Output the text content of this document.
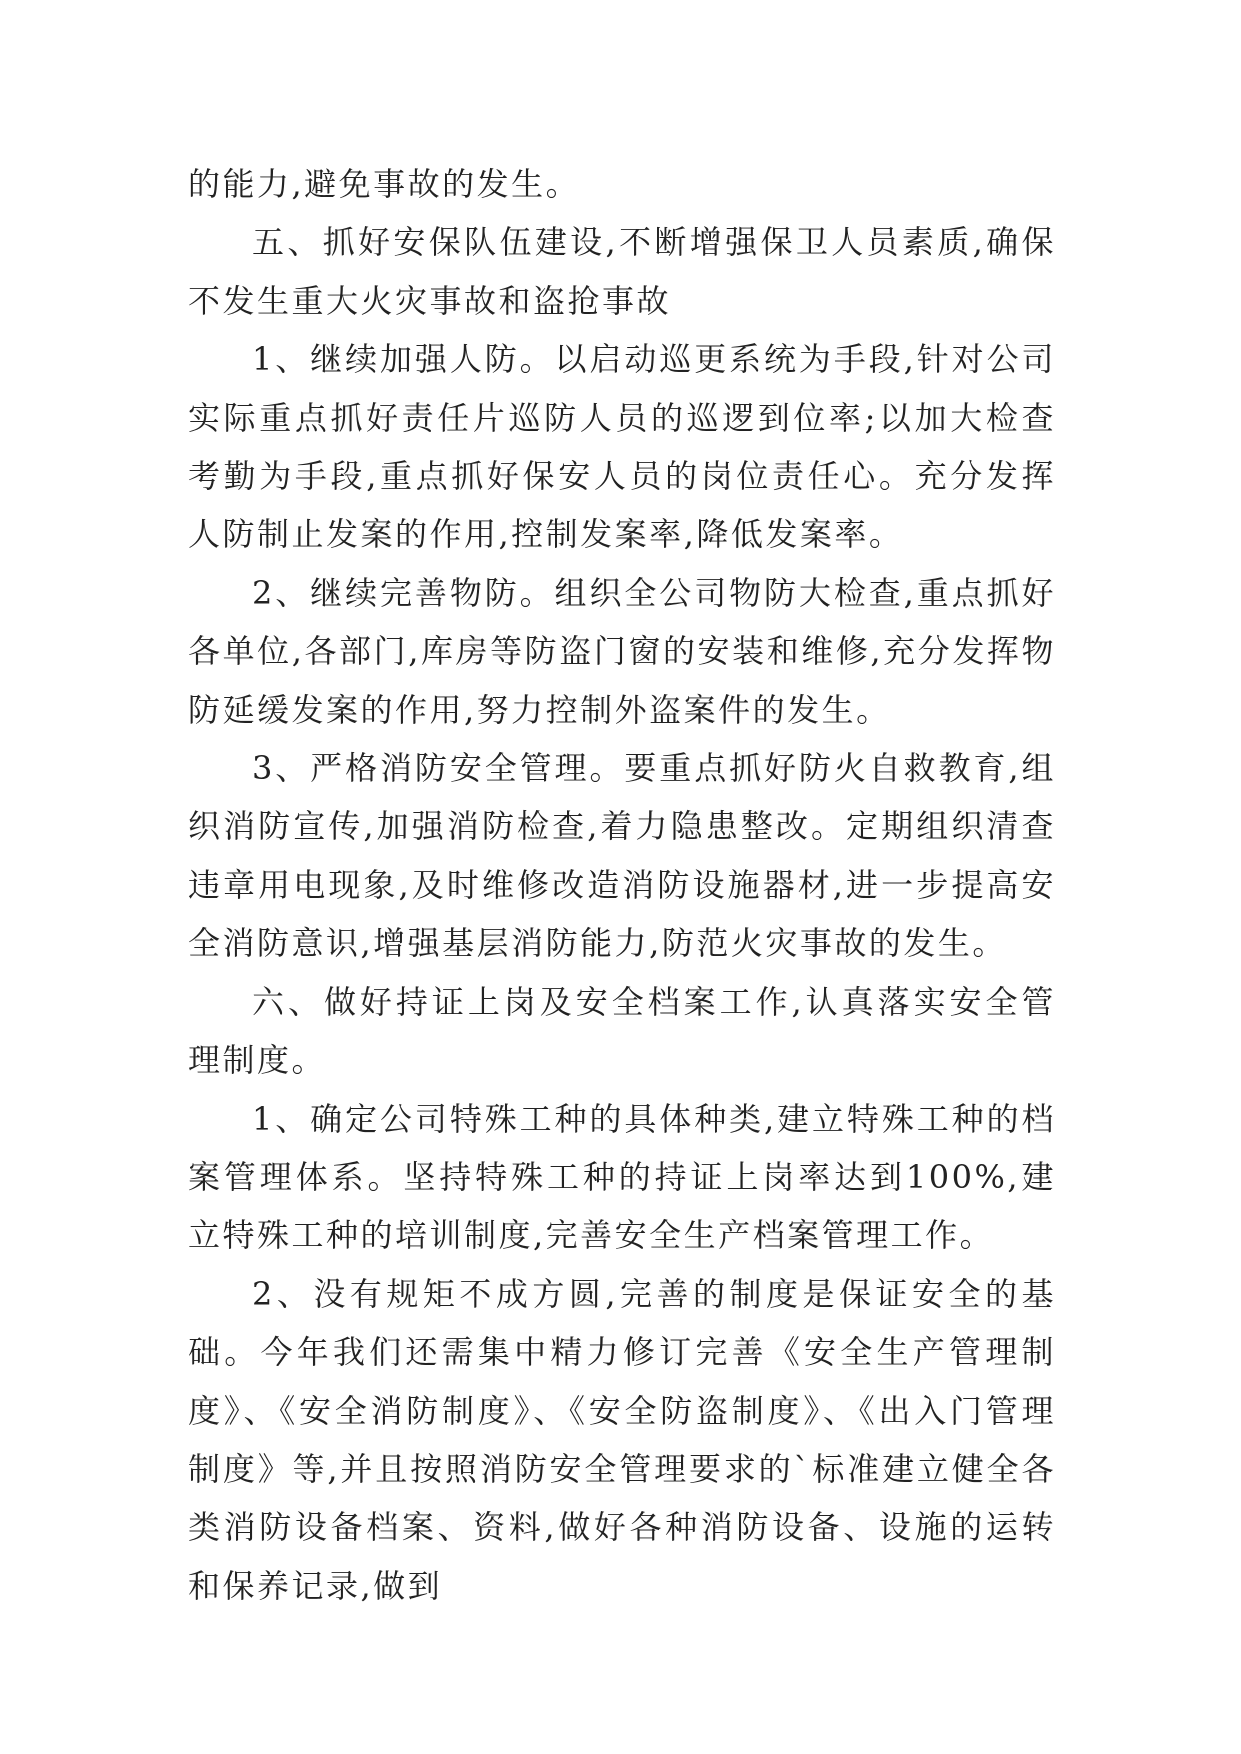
的能力,避免事故的发生。

五、抓好安保队伍建设,不断增强保卫人员素质,确保不发生重大火灾事故和盗抢事故

1、继续加强人防。以启动巡更系统为手段,针对公司实际重点抓好责任片巡防人员的巡逻到位率;以加大检查考勤为手段,重点抓好保安人员的岗位责任心。充分发挥人防制止发案的作用,控制发案率,降低发案率。

2、继续完善物防。组织全公司物防大检查,重点抓好各单位,各部门,库房等防盗门窗的安装和维修,充分发挥物防延缓发案的作用,努力控制外盗案件的发生。

3、严格消防安全管理。要重点抓好防火自救教育,组织消防宣传,加强消防检查,着力隐患整改。定期组织清查违章用电现象,及时维修改造消防设施器材,进一步提高安全消防意识,增强基层消防能力,防范火灾事故的发生。

六、做好持证上岗及安全档案工作,认真落实安全管理制度。

1、确定公司特殊工种的具体种类,建立特殊工种的档案管理体系。坚持特殊工种的持证上岗率达到100%,建立特殊工种的培训制度,完善安全生产档案管理工作。

2、没有规矩不成方圆,完善的制度是保证安全的基础。今年我们还需集中精力修订完善《安全生产管理制度》、《安全消防制度》、《安全防盗制度》、《出入门管理制度》等,并且按照消防安全管理要求的`标准建立健全各类消防设备档案、资料,做好各种消防设备、设施的运转和保养记录,做到
